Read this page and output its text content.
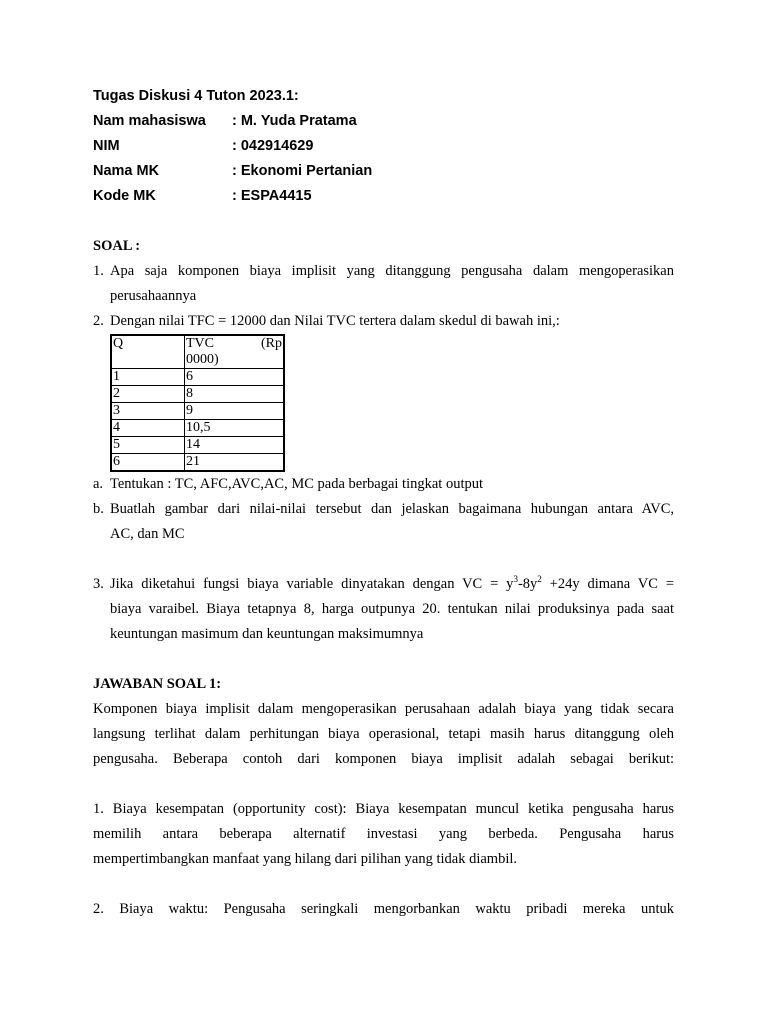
Tugas Diskusi 4 Tuton 2023.1:
Nam mahasiswa : M. Yuda Pratama
NIM	: 042914629
Nama MK	: Ekonomi Pertanian
Kode MK	: ESPA4415
SOAL :
1. Apa saja komponen biaya implisit yang ditanggung pengusaha dalam mengoperasikan
perusahaannya
2. Dengan nilai TFC = 12000 dan Nilai TVC tertera dalam skedul di bawah ini,:
Q	TVC (Rp
0000)

1	6
2	8
3	9
4	10,5
5	14
6	21
a. Tentukan : TC, AFC,AVC,AC, MC pada berbagai tingkat output
b. Buatlah gambar dari nilai-nilai tersebut dan jelaskan bagaimana hubungan antara AVC,
AC, dan MC
3. Jika diketahui fungsi biaya variable dinyatakan dengan VC = $y^3-8y^2 +24y$ dimana VC =
biaya varaibel. Biaya tetapnya 8, harga outpunya 20. tentukan nilai produksinya pada saat
keuntungan masimum dan keuntungan maksimumnya
JAWABAN SOAL 1:
Komponen biaya implisit dalam mengoperasikan perusahaan adalah biaya yang tidak secara
langsung terlihat dalam perhitungan biaya operasional, tetapi masih harus ditanggung oleh
pengusaha. Beberapa contoh dari komponen biaya implisit adalah sebagai berikut:
1. Biaya kesempatan (opportunity cost): Biaya kesempatan muncul ketika pengusaha harus
memilih antara beberapa alternatif investasi yang berbeda. Pengusaha harus
mempertimbangkan manfaat yang hilang dari pilihan yang tidak diambil.
2. Biaya waktu: Pengusaha seringkali mengorbankan waktu pribadi mereka untuk
